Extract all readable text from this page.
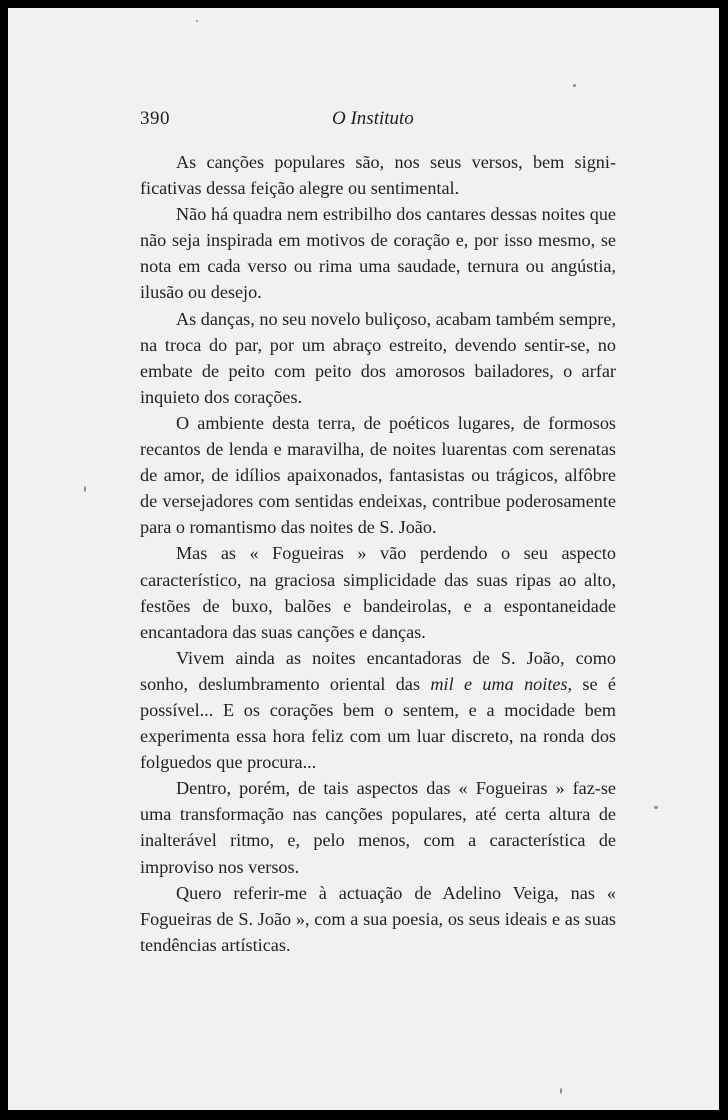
390	O Instituto

As canções populares são, nos seus versos, bem significativas dessa feição alegre ou sentimental.

Não há quadra nem estribilho dos cantares dessas noites que não seja inspirada em motivos de coração e, por isso mesmo, se nota em cada verso ou rima uma saudade, ternura ou angústia, ilusão ou desejo.

As danças, no seu novelo buliçoso, acabam também sempre, na troca do par, por um abraço estreito, devendo sentir-se, no embate de peito com peito dos amorosos bailadores, o arfar inquieto dos corações.

O ambiente desta terra, de poéticos lugares, de formosos recantos de lenda e maravilha, de noites luarentas com serenatas de amor, de idílios apaixonados, fantasistas ou trágicos, alfôbre de versejadores com sentidas endeixas, contribue poderosamente para o romantismo das noites de S. João.

Mas as « Fogueiras » vão perdendo o seu aspecto característico, na graciosa simplicidade das suas ripas ao alto, festões de buxo, balões e bandeirolas, e a espontaneidade encantadora das suas canções e danças.

Vivem ainda as noites encantadoras de S. João, como sonho, deslumbramento oriental das mil e uma noites, se é possível... E os corações bem o sentem, e a mocidade bem experimenta essa hora feliz com um luar discreto, na ronda dos folguedos que procura...

Dentro, porém, de tais aspectos das « Fogueiras » faz-se uma transformação nas canções populares, até certa altura de inalterável ritmo, e, pelo menos, com a característica de improviso nos versos.

Quero referir-me à actuação de Adelino Veiga, nas « Fogueiras de S. João », com a sua poesia, os seus ideais e as suas tendências artísticas.
